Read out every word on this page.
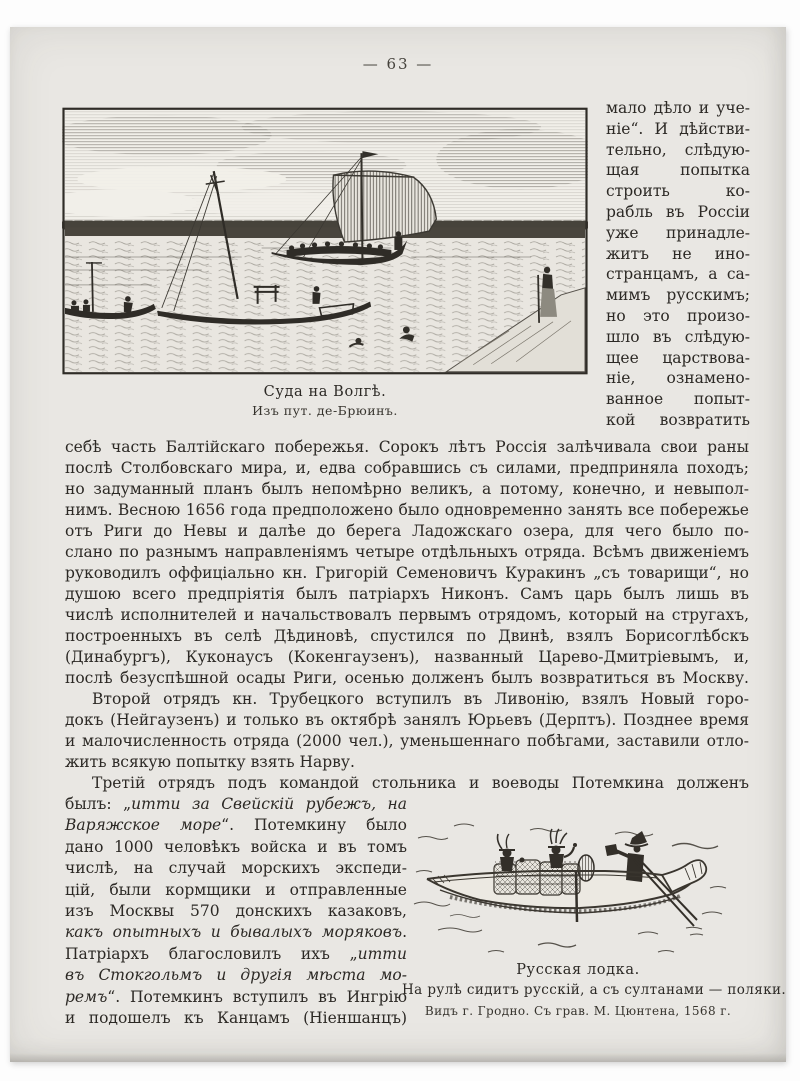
— 63 —
Суда на Волгѣ.
Изъ пут. де-Брюинъ.
мало дѣло и уче-
ніе“. И дѣйстви-
тельно, слѣдую-
щая попытка
строить ко-
рабль въ Россіи
уже принадле-
житъ не ино-
странцамъ, а са-
мимъ русскимъ;
но это произо-
шло въ слѣдую-
щее царствова-
ніе, ознамено-
ванное попыт-
кой возвратить
себѣ часть Балтійскаго побережья. Сорокъ лѣтъ Россія залѣчивала свои раны
послѣ Столбовскаго мира, и, едва собравшись съ силами, предприняла походъ;
но задуманный планъ былъ непомѣрно великъ, а потому, конечно, и невыпол-
нимъ. Весною 1656 года предположено было одновременно занять все побережье
отъ Риги до Невы и далѣе до берега Ладожскаго озера, для чего было по-
слано по разнымъ направленіямъ четыре отдѣльныхъ отряда. Всѣмъ движеніемъ
руководилъ оффиціально кн. Григорій Семеновичъ Куракинъ „съ товарищи“, но
душою всего предпріятія былъ патріархъ Никонъ. Самъ царь былъ лишь въ
числѣ исполнителей и начальствовалъ первымъ отрядомъ, который на стругахъ,
построенныхъ въ селѣ Дѣдиновѣ, спустился по Двинѣ, взялъ Борисоглѣбскъ
(Динабургъ), Куконаусъ (Кокенгаузенъ), названный Царево-Дмитріевымъ, и,
послѣ безуспѣшной осады Риги, осенью долженъ былъ возвратиться въ Москву.
Второй отрядъ кн. Трубецкого вступилъ въ Ливонію, взялъ Новый горо-
докъ (Нейгаузенъ) и только въ октябрѣ занялъ Юрьевъ (Дерптъ). Позднее время
и малочисленность отряда (2000 чел.), уменьшеннаго побѣгами, заставили отло-
жить всякую попытку взять Нарву.
Третій отрядъ подъ командой стольника и воеводы Потемкина долженъ
былъ: „итти за Свейскій рубежъ, на
Варяжское море“. Потемкину было
дано 1000 человѣкъ войска и въ томъ
числѣ, на случай морскихъ экспеди-
цій, были кормщики и отправленные
изъ Москвы 570 донскихъ казаковъ,
какъ опытныхъ и бывалыхъ моряковъ.
Патріархъ благословилъ ихъ „итти
въ Стокгольмъ и другія мѣста мо-
ремъ“. Потемкинъ вступилъ въ Ингрію
и подошелъ къ Канцамъ (Ніеншанцъ)
Русская лодка.
На рулѣ сидитъ русскій, а съ султанами — поляки.
Видъ г. Гродно. Съ грав. М. Цюнтена, 1568 г.
